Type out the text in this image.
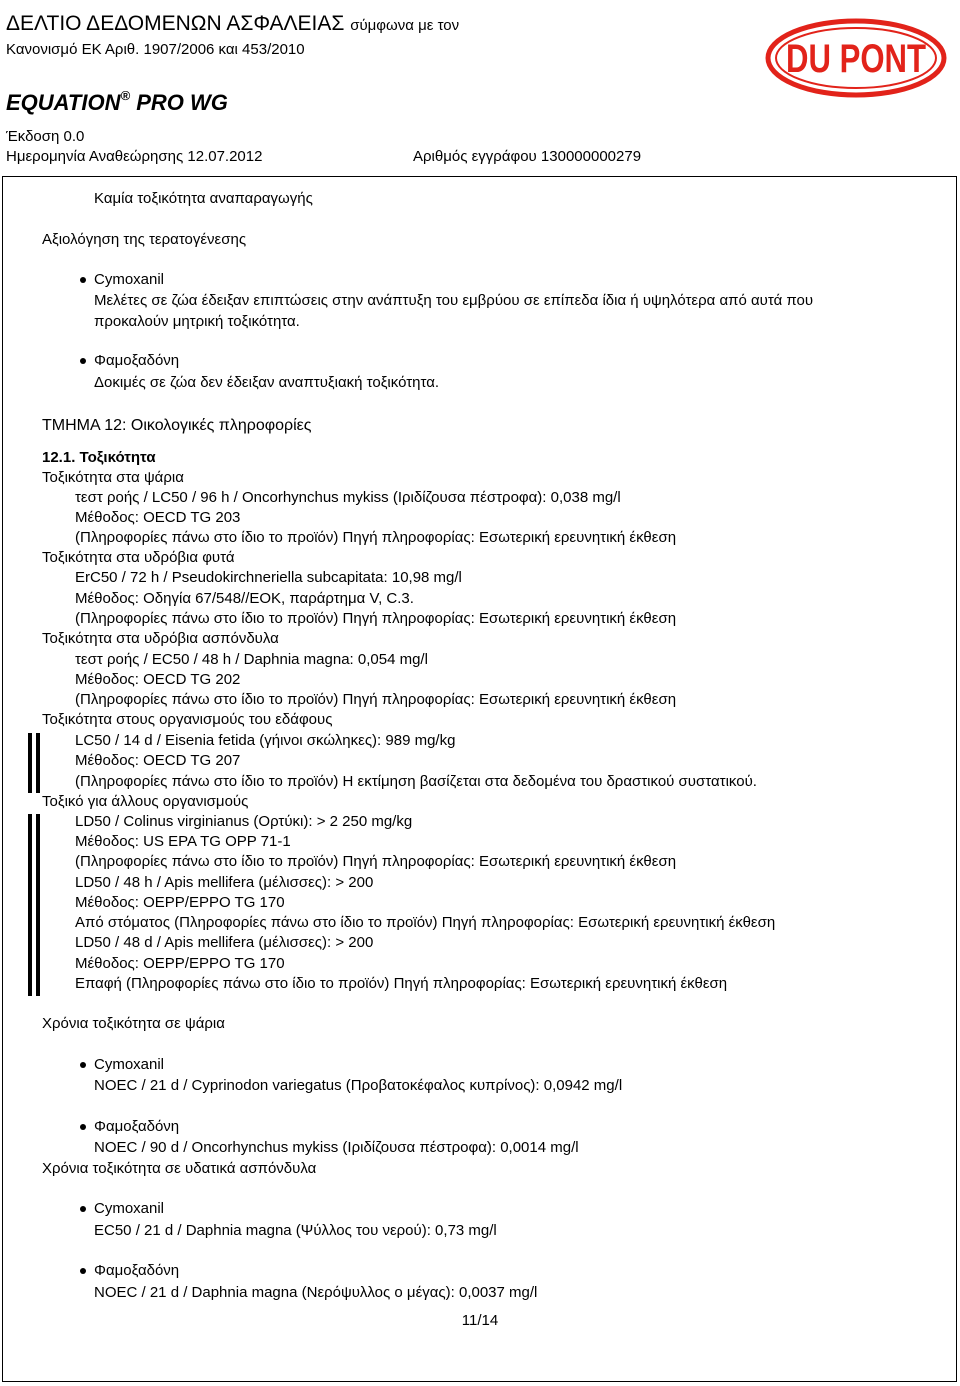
ΔΕΛΤΙΟ ΔΕΔΟΜΕΝΩΝ ΑΣΦΑΛΕΙΑΣ σύμφωνα με τον
Κανονισμό ΕΚ Αριθ. 1907/2006 και 453/2010
EQUATION® PRO WG
Έκδοση 0.0
Ημερομηνία Αναθεώρησης 12.07.2012	Αριθμός εγγράφου 130000000279
DU PONT
Καμία τοξικότητα αναπαραγωγής
Αξιολόγηση της τερατογένεσης
Cymoxanil
Μελέτες σε ζώα έδειξαν επιπτώσεις στην ανάπτυξη του εμβρύου σε επίπεδα ίδια ή υψηλότερα από αυτά που
προκαλούν μητρική τοξικότητα.
Φαμοξαδόνη
Δοκιμές σε ζώα δεν έδειξαν αναπτυξιακή τοξικότητα.
ΤΜΗΜΑ 12: Οικολογικές πληροφορίες
12.1. Τοξικότητα
Τοξικότητα στα ψάρια
τεστ ροής / LC50 / 96 h / Oncorhynchus mykiss (Ιριδίζουσα πέστροφα): 0,038 mg/l
Μέθοδος: OECD TG 203
(Πληροφορίες πάνω στο ίδιο το προϊόν) Πηγή πληροφορίας: Εσωτερική ερευνητική έκθεση
Τοξικότητα στα υδρόβια φυτά
ErC50 / 72 h / Pseudokirchneriella subcapitata: 10,98 mg/l
Μέθοδος: Οδηγία 67/548//ΕΟΚ, παράρτημα V, C.3.
(Πληροφορίες πάνω στο ίδιο το προϊόν) Πηγή πληροφορίας: Εσωτερική ερευνητική έκθεση
Τοξικότητα στα υδρόβια ασπόνδυλα
τεστ ροής / EC50 / 48 h / Daphnia magna: 0,054 mg/l
Μέθοδος: OECD TG 202
(Πληροφορίες πάνω στο ίδιο το προϊόν) Πηγή πληροφορίας: Εσωτερική ερευνητική έκθεση
Τοξικότητα στους οργανισμούς του εδάφους
LC50 / 14 d / Eisenia fetida (γήινοι σκώληκες): 989 mg/kg
Μέθοδος: OECD TG 207
(Πληροφορίες πάνω στο ίδιο το προϊόν) Η εκτίμηση βασίζεται στα δεδομένα του δραστικού συστατικού.
Τοξικό για άλλους οργανισμούς
LD50 / Colinus virginianus (Ορτύκι): > 2 250 mg/kg
Μέθοδος: US EPA TG OPP 71-1
(Πληροφορίες πάνω στο ίδιο το προϊόν) Πηγή πληροφορίας: Εσωτερική ερευνητική έκθεση
LD50 / 48 h / Apis mellifera (μέλισσες): > 200
Μέθοδος: OEPP/EPPO TG 170
Από στόματος (Πληροφορίες πάνω στο ίδιο το προϊόν) Πηγή πληροφορίας: Εσωτερική ερευνητική έκθεση
LD50 / 48 d / Apis mellifera (μέλισσες): > 200
Μέθοδος: OEPP/EPPO TG 170
Επαφή (Πληροφορίες πάνω στο ίδιο το προϊόν) Πηγή πληροφορίας: Εσωτερική ερευνητική έκθεση
Χρόνια τοξικότητα σε ψάρια
Cymoxanil
NOEC / 21 d / Cyprinodon variegatus (Προβατοκέφαλος κυπρίνος): 0,0942 mg/l
Φαμοξαδόνη
NOEC / 90 d / Oncorhynchus mykiss (Ιριδίζουσα πέστροφα): 0,0014 mg/l
Χρόνια τοξικότητα σε υδατικά ασπόνδυλα
Cymoxanil
EC50 / 21 d / Daphnia magna (Ψύλλος του νερού): 0,73 mg/l
Φαμοξαδόνη
NOEC / 21 d / Daphnia magna (Νερόψυλλος ο μέγας): 0,0037 mg/l
11/14
